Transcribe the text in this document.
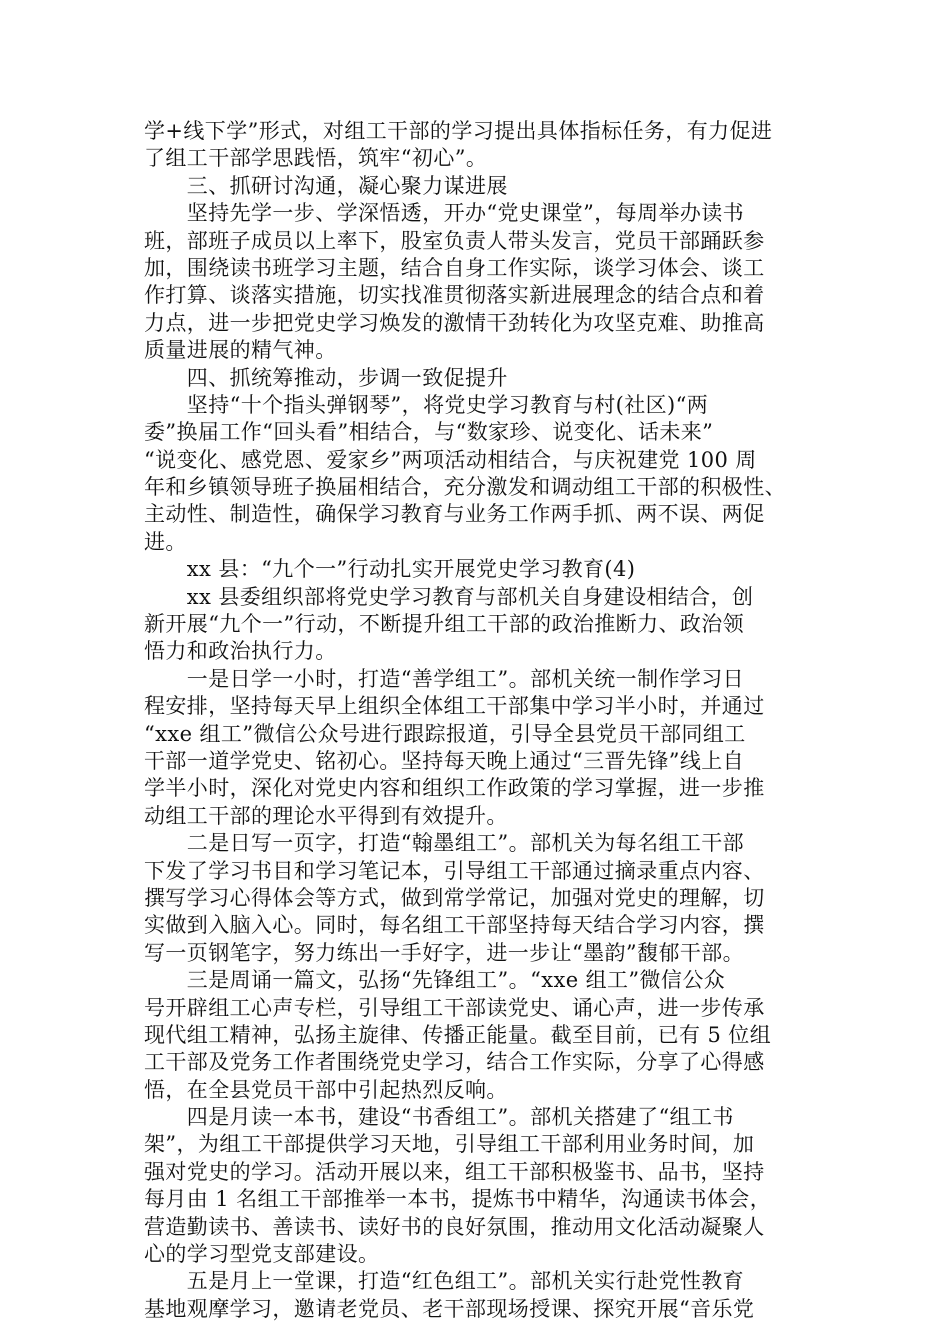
学+线下学”形式，对组工干部的学习提出具体指标任务，有力促进
了组工干部学思践悟，筑牢“初心”。
　　三、抓研讨沟通，凝心聚力谋进展
　　坚持先学一步、学深悟透，开办“党史课堂”，每周举办读书
班，部班子成员以上率下，股室负责人带头发言，党员干部踊跃参
加，围绕读书班学习主题，结合自身工作实际，谈学习体会、谈工
作打算、谈落实措施，切实找准贯彻落实新进展理念的结合点和着
力点，进一步把党史学习焕发的激情干劲转化为攻坚克难、助推高
质量进展的精气神。
　　四、抓统筹推动，步调一致促提升
　　坚持“十个指头弹钢琴”，将党史学习教育与村(社区)“两
委”换届工作“回头看”相结合，与“数家珍、说变化、话未来”
“说变化、感党恩、爱家乡”两项活动相结合，与庆祝建党 100 周
年和乡镇领导班子换届相结合，充分激发和调动组工干部的积极性、
主动性、制造性，确保学习教育与业务工作两手抓、两不误、两促
进。
　　xx 县：“九个一”行动扎实开展党史学习教育(4)
　　xx 县委组织部将党史学习教育与部机关自身建设相结合，创
新开展“九个一”行动，不断提升组工干部的政治推断力、政治领
悟力和政治执行力。
　　一是日学一小时，打造“善学组工”。部机关统一制作学习日
程安排，坚持每天早上组织全体组工干部集中学习半小时，并通过
“xxe 组工”微信公众号进行跟踪报道，引导全县党员干部同组工
干部一道学党史、铭初心。坚持每天晚上通过“三晋先锋”线上自
学半小时，深化对党史内容和组织工作政策的学习掌握，进一步推
动组工干部的理论水平得到有效提升。
　　二是日写一页字，打造“翰墨组工”。部机关为每名组工干部
下发了学习书目和学习笔记本，引导组工干部通过摘录重点内容、
撰写学习心得体会等方式，做到常学常记，加强对党史的理解，切
实做到入脑入心。同时，每名组工干部坚持每天结合学习内容，撰
写一页钢笔字，努力练出一手好字，进一步让“墨韵”馥郁干部。
　　三是周诵一篇文，弘扬“先锋组工”。“xxe 组工”微信公众
号开辟组工心声专栏，引导组工干部读党史、诵心声，进一步传承
现代组工精神，弘扬主旋律、传播正能量。截至目前，已有 5 位组
工干部及党务工作者围绕党史学习，结合工作实际，分享了心得感
悟，在全县党员干部中引起热烈反响。
　　四是月读一本书，建设“书香组工”。部机关搭建了“组工书
架”，为组工干部提供学习天地，引导组工干部利用业务时间，加
强对党史的学习。活动开展以来，组工干部积极鉴书、品书，坚持
每月由 1 名组工干部推举一本书，提炼书中精华，沟通读书体会，
营造勤读书、善读书、读好书的良好氛围，推动用文化活动凝聚人
心的学习型党支部建设。
　　五是月上一堂课，打造“红色组工”。部机关实行赴党性教育
基地观摩学习，邀请老党员、老干部现场授课、探究开展“音乐党
